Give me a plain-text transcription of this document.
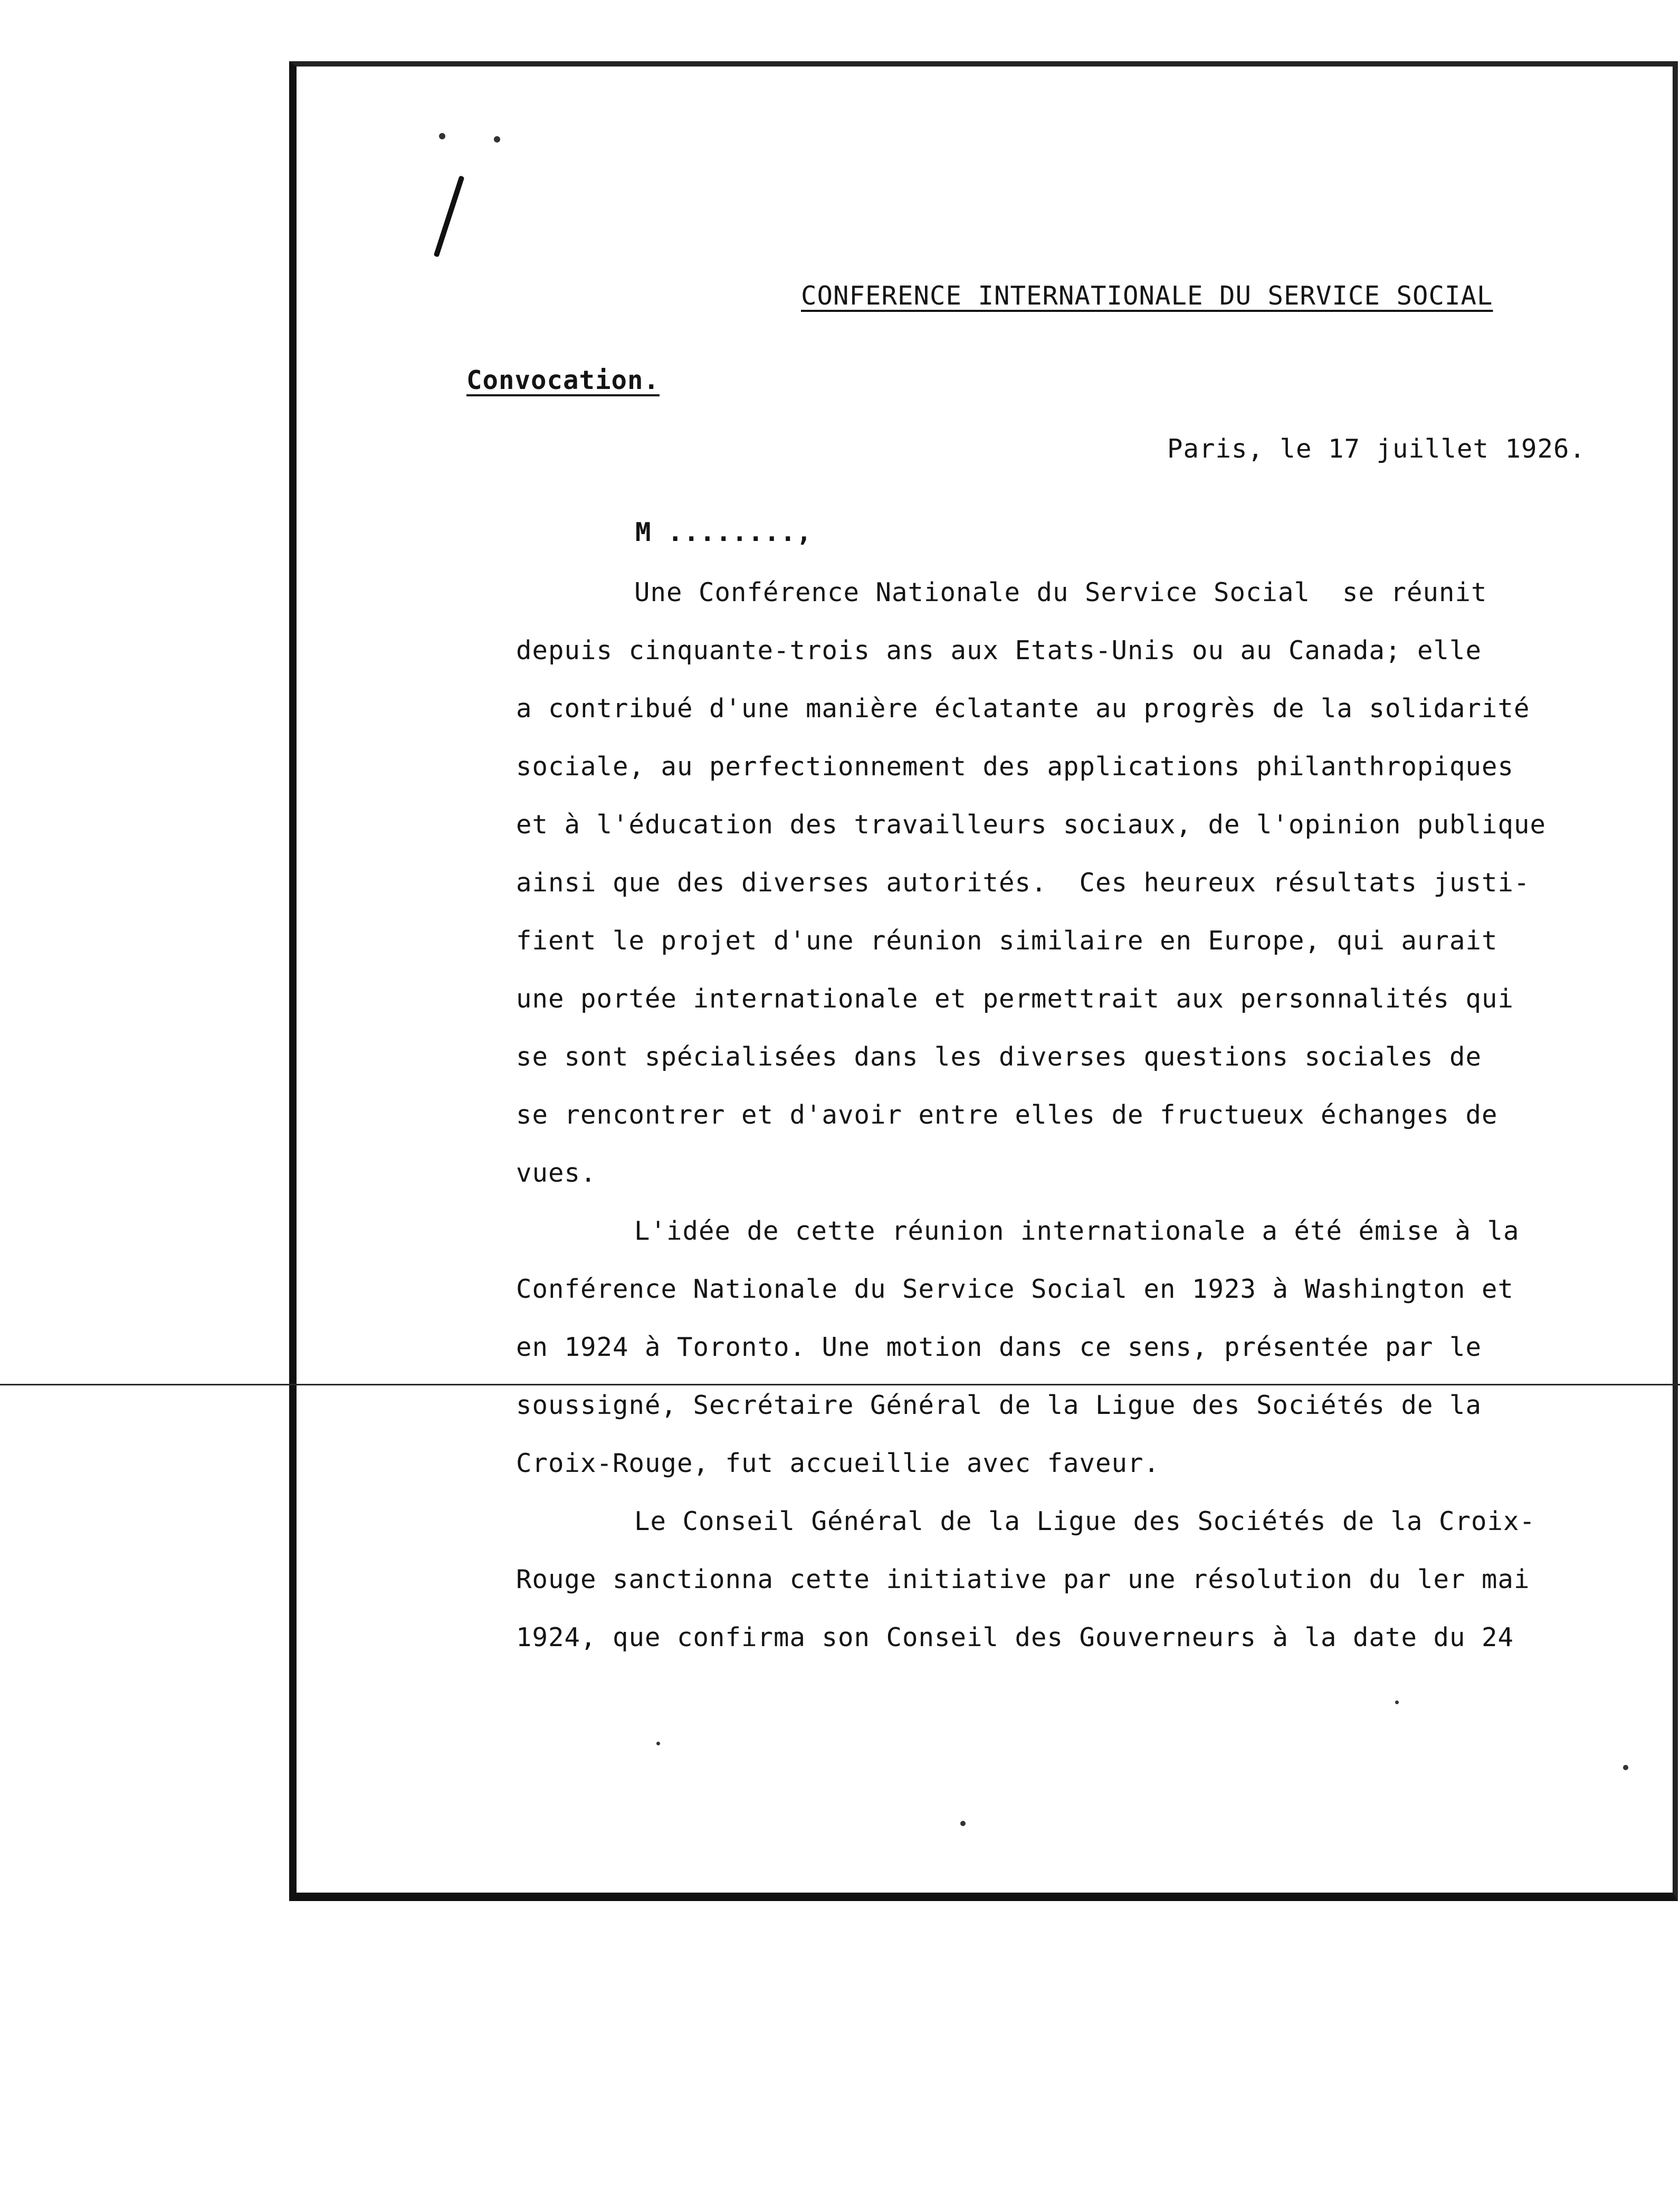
CONFERENCE INTERNATIONALE DU SERVICE SOCIAL
Convocation.
Paris, le 17 juillet 1926.
M ........,
Une Conférence Nationale du Service Social  se réunit
depuis cinquante-trois ans aux Etats-Unis ou au Canada; elle
a contribué d'une manière éclatante au progrès de la solidarité
sociale, au perfectionnement des applications philanthropiques
et à l'éducation des travailleurs sociaux, de l'opinion publique
ainsi que des diverses autorités.  Ces heureux résultats justi-
fient le projet d'une réunion similaire en Europe, qui aurait
une portée internationale et permettrait aux personnalités qui
se sont spécialisées dans les diverses questions sociales de
se rencontrer et d'avoir entre elles de fructueux échanges de
vues.
L'idée de cette réunion internationale a été émise à la
Conférence Nationale du Service Social en 1923 à Washington et
en 1924 à Toronto. Une motion dans ce sens, présentée par le
soussigné, Secrétaire Général de la Ligue des Sociétés de la
Croix-Rouge, fut accueillie avec faveur.
Le Conseil Général de la Ligue des Sociétés de la Croix-
Rouge sanctionna cette initiative par une résolution du ler mai
1924, que confirma son Conseil des Gouverneurs à la date du 24
